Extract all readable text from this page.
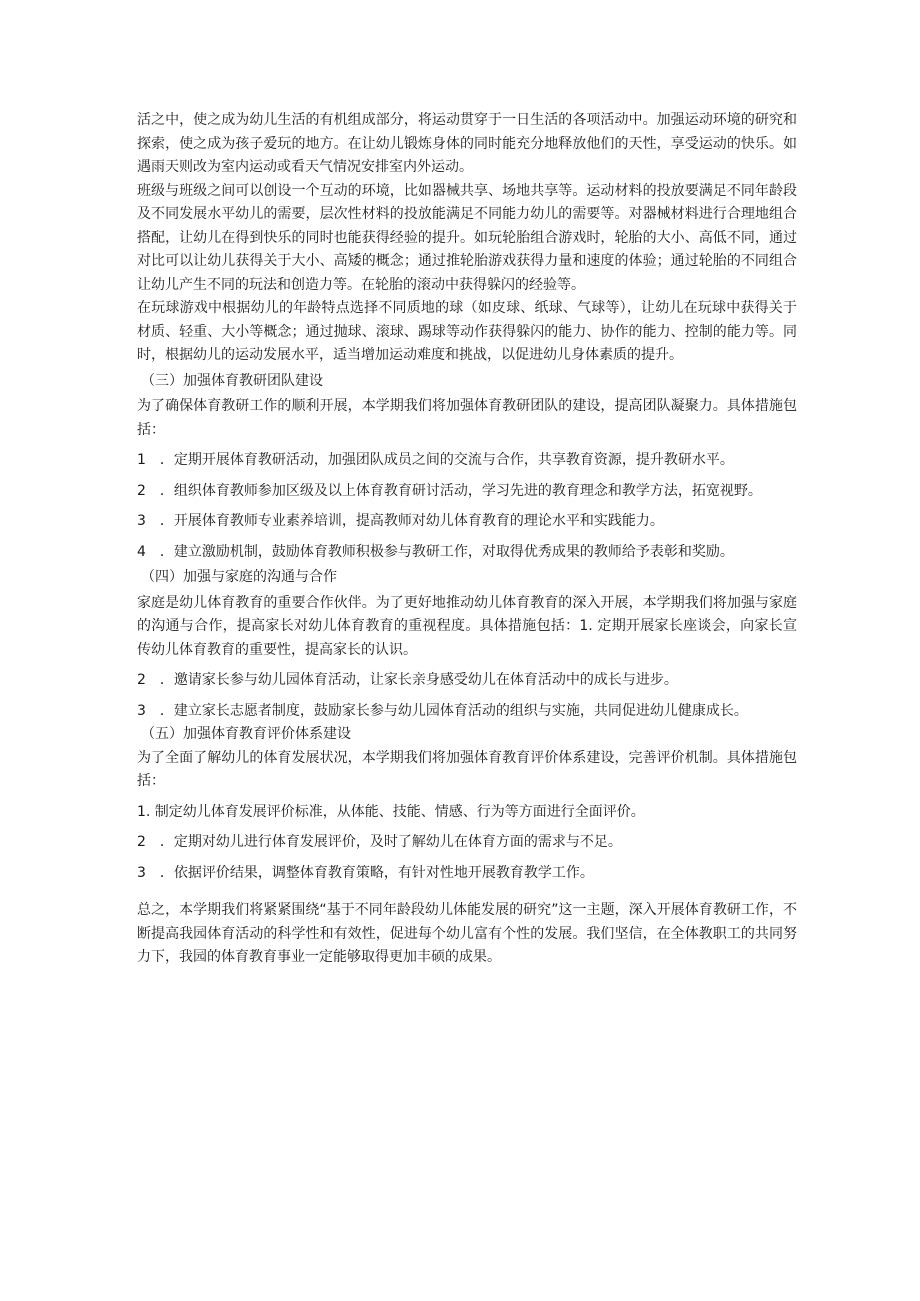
活之中，使之成为幼儿生活的有机组成部分，将运动贯穿于一日生活的各项活动中。加强运动环境的研究和探索，使之成为孩子爱玩的地方。在让幼儿锻炼身体的同时能充分地释放他们的天性，享受运动的快乐。如遇雨天则改为室内运动或看天气情况安排室内外运动。

班级与班级之间可以创设一个互动的环境，比如器械共享、场地共享等。运动材料的投放要满足不同年龄段及不同发展水平幼儿的需要，层次性材料的投放能满足不同能力幼儿的需要等。对器械材料进行合理地组合搭配，让幼儿在得到快乐的同时也能获得经验的提升。如玩轮胎组合游戏时，轮胎的大小、高低不同，通过对比可以让幼儿获得关于大小、高矮的概念；通过推轮胎游戏获得力量和速度的体验；通过轮胎的不同组合让幼儿产生不同的玩法和创造力等。在轮胎的滚动中获得躲闪的经验等。

在玩球游戏中根据幼儿的年龄特点选择不同质地的球（如皮球、纸球、气球等），让幼儿在玩球中获得关于材质、轻重、大小等概念；通过抛球、滚球、踢球等动作获得躲闪的能力、协作的能力、控制的能力等。同时，根据幼儿的运动发展水平，适当增加运动难度和挑战，以促进幼儿身体素质的提升。

（三）加强体育教研团队建设

为了确保体育教研工作的顺利开展，本学期我们将加强体育教研团队的建设，提高团队凝聚力。具体措施包括：

1　．定期开展体育教研活动，加强团队成员之间的交流与合作，共享教育资源，提升教研水平。

2　．组织体育教师参加区级及以上体育教育研讨活动，学习先进的教育理念和教学方法，拓宽视野。

3　．开展体育教师专业素养培训，提高教师对幼儿体育教育的理论水平和实践能力。

4　．建立激励机制，鼓励体育教师积极参与教研工作，对取得优秀成果的教师给予表彰和奖励。

（四）加强与家庭的沟通与合作

家庭是幼儿体育教育的重要合作伙伴。为了更好地推动幼儿体育教育的深入开展，本学期我们将加强与家庭的沟通与合作，提高家长对幼儿体育教育的重视程度。具体措施包括：1. 定期开展家长座谈会，向家长宣传幼儿体育教育的重要性，提高家长的认识。

2　．邀请家长参与幼儿园体育活动，让家长亲身感受幼儿在体育活动中的成长与进步。

3　．建立家长志愿者制度，鼓励家长参与幼儿园体育活动的组织与实施，共同促进幼儿健康成长。

（五）加强体育教育评价体系建设

为了全面了解幼儿的体育发展状况，本学期我们将加强体育教育评价体系建设，完善评价机制。具体措施包括：

1. 制定幼儿体育发展评价标准，从体能、技能、情感、行为等方面进行全面评价。

2　．定期对幼儿进行体育发展评价，及时了解幼儿在体育方面的需求与不足。

3　．依据评价结果，调整体育教育策略，有针对性地开展教育教学工作。

总之，本学期我们将紧紧围绕“基于不同年龄段幼儿体能发展的研究”这一主题，深入开展体育教研工作，不断提高我园体育活动的科学性和有效性，促进每个幼儿富有个性的发展。我们坚信，在全体教职工的共同努力下，我园的体育教育事业一定能够取得更加丰硕的成果。
